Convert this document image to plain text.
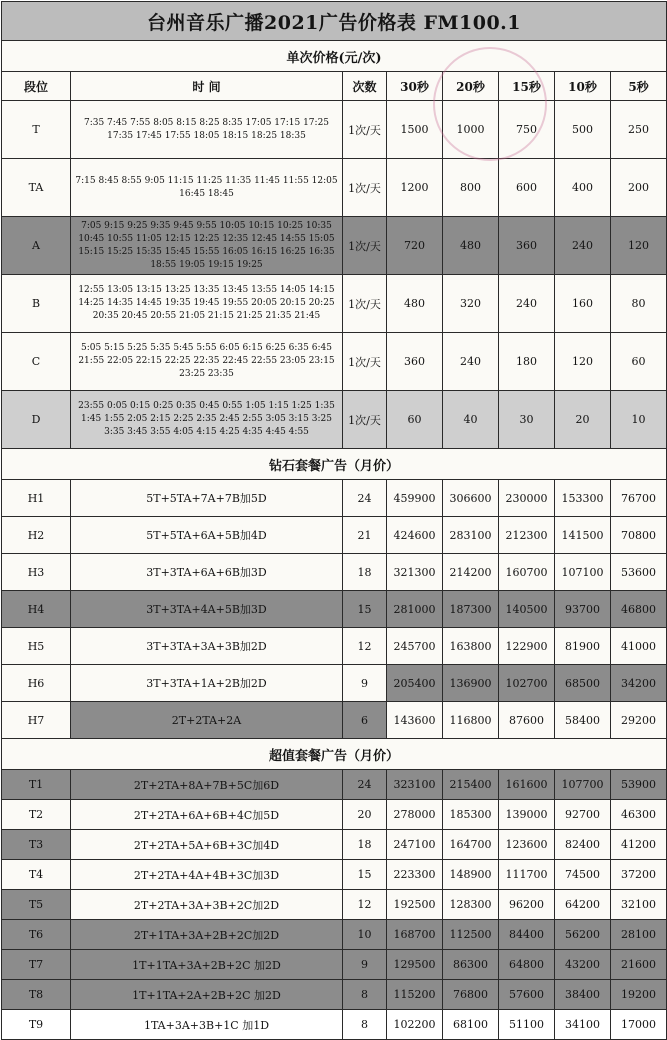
台州音乐广播2021广告价格表 FM100.1							
单次价格(元/次)							
段位	时 间	次数	30秒	20秒	15秒	10秒	5秒
T	7:35 7:45 7:55 8:05 8:15 8:25 8:35 17:05 17:15 17:25 17:35 17:45 17:55 18:05 18:15 18:25 18:35	1次/天	1500	1000	750	500	250
TA	7:15 8:45 8:55 9:05 11:15 11:25 11:35 11:45 11:55 12:05 16:45 18:45	1次/天	1200	800	600	400	200
A	7:05 9:15 9:25 9:35 9:45 9:55 10:05 10:15 10:25 10:35 10:45 10:55 11:05 12:15 12:25 12:35 12:45 14:55 15:05 15:15 15:25 15:35 15:45 15:55 16:05 16:15 16:25 16:35 18:55 19:05 19:15 19:25	1次/天	720	480	360	240	120
B	12:55 13:05 13:15 13:25 13:35 13:45 13:55 14:05 14:15 14:25 14:35 14:45 19:35 19:45 19:55 20:05 20:15 20:25 20:35 20:45 20:55 21:05 21:15 21:25 21:35 21:45	1次/天	480	320	240	160	80
C	5:05 5:15 5:25 5:35 5:45 5:55 6:05 6:15 6:25 6:35 6:45 21:55 22:05 22:15 22:25 22:35 22:45 22:55 23:05 23:15 23:25 23:35	1次/天	360	240	180	120	60
D	23:55 0:05 0:15 0:25 0:35 0:45 0:55 1:05 1:15 1:25 1:35 1:45 1:55 2:05 2:15 2:25 2:35 2:45 2:55 3:05 3:15 3:25 3:35 3:45 3:55 4:05 4:15 4:25 4:35 4:45 4:55	1次/天	60	40	30	20	10
钻石套餐广告（月价）							
H1	5T+5TA+7A+7B加5D	24	459900	306600	230000	153300	76700
H2	5T+5TA+6A+5B加4D	21	424600	283100	212300	141500	70800
H3	3T+3TA+6A+6B加3D	18	321300	214200	160700	107100	53600
H4	3T+3TA+4A+5B加3D	15	281000	187300	140500	93700	46800
H5	3T+3TA+3A+3B加2D	12	245700	163800	122900	81900	41000
H6	3T+3TA+1A+2B加2D	9	205400	136900	102700	68500	34200
H7	2T+2TA+2A	6	143600	116800	87600	58400	29200
超值套餐广告（月价）							
T1	2T+2TA+8A+7B+5C加6D	24	323100	215400	161600	107700	53900
T2	2T+2TA+6A+6B+4C加5D	20	278000	185300	139000	92700	46300
T3	2T+2TA+5A+6B+3C加4D	18	247100	164700	123600	82400	41200
T4	2T+2TA+4A+4B+3C加3D	15	223300	148900	111700	74500	37200
T5	2T+2TA+3A+3B+2C加2D	12	192500	128300	96200	64200	32100
T6	2T+1TA+3A+2B+2C加2D	10	168700	112500	84400	56200	28100
T7	1T+1TA+3A+2B+2C 加2D	9	129500	86300	64800	43200	21600
T8	1T+1TA+2A+2B+2C 加2D	8	115200	76800	57600	38400	19200
T9	1TA+3A+3B+1C 加1D	8	102200	68100	51100	34100	17000
